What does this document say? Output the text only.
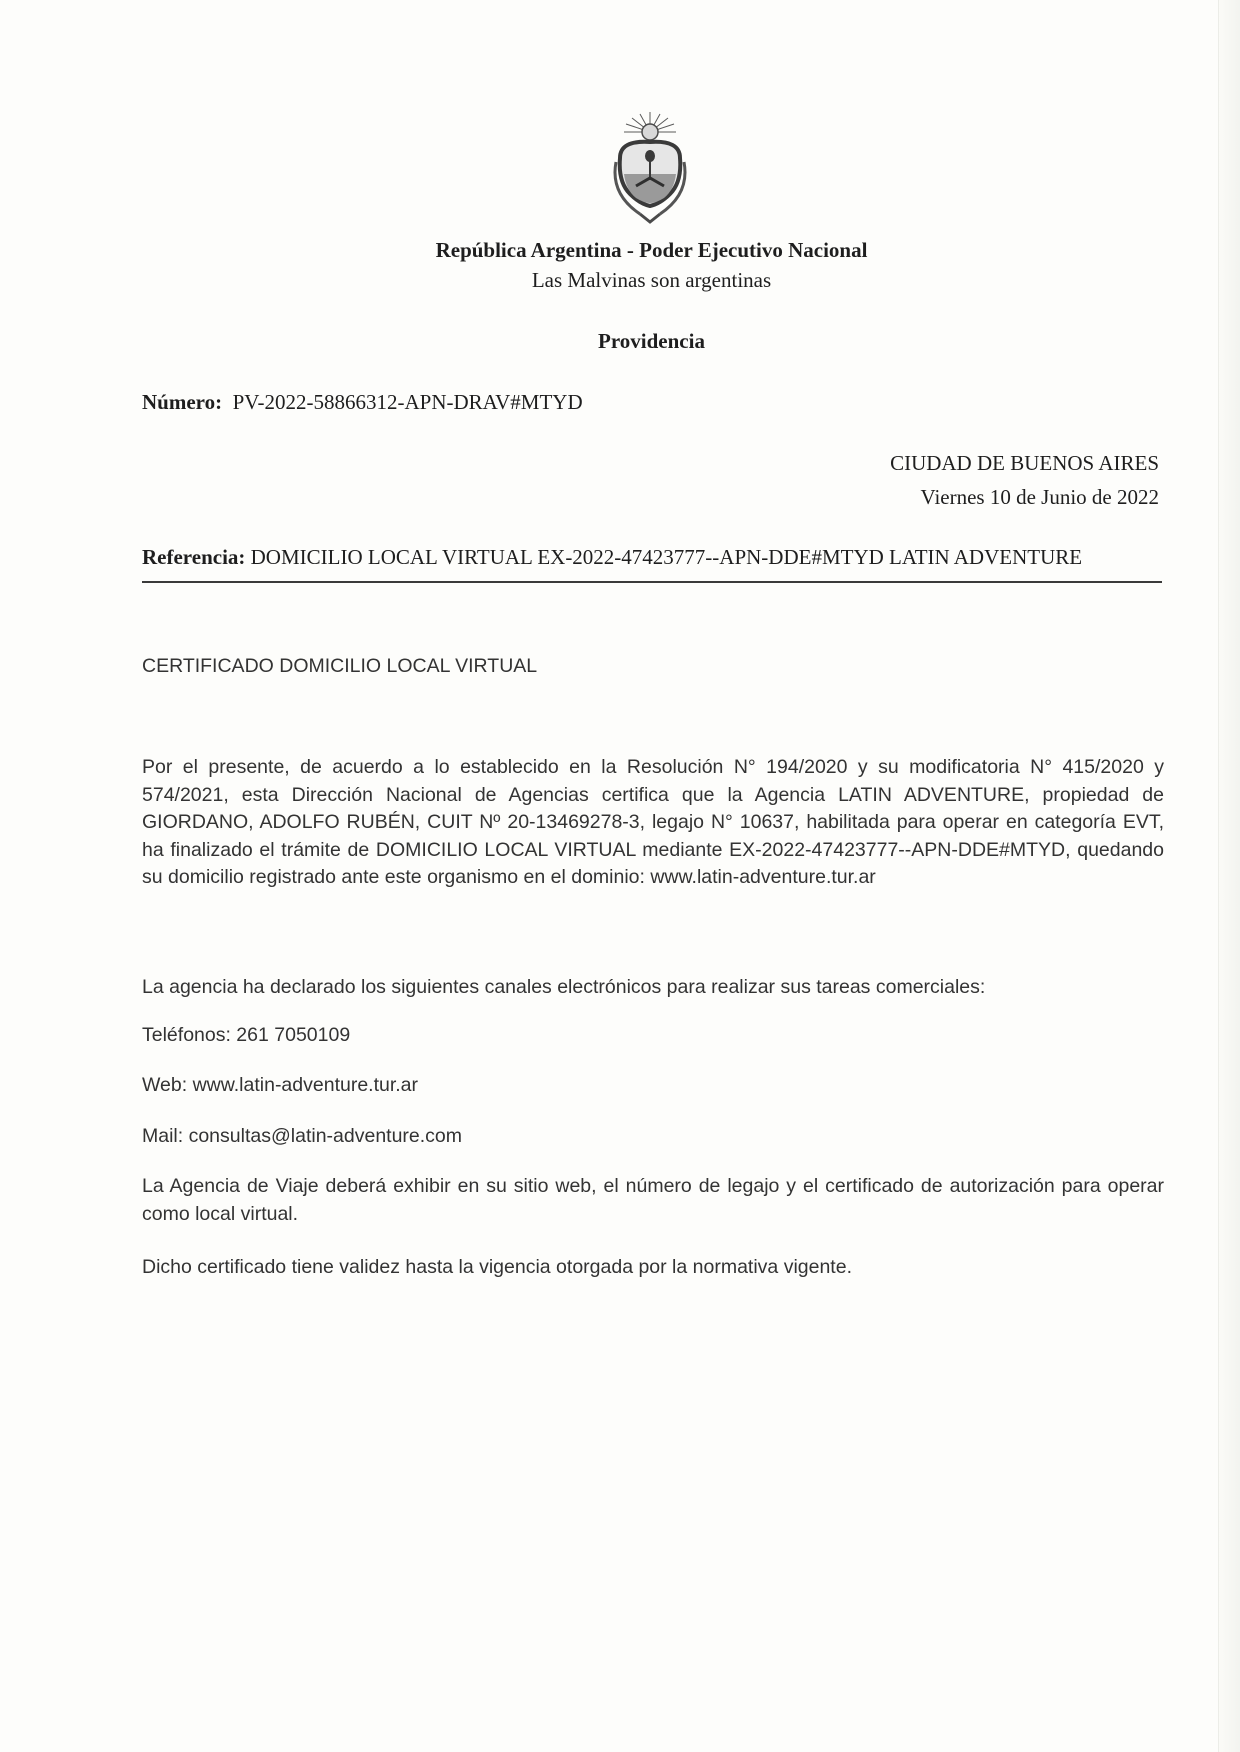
República Argentina - Poder Ejecutivo Nacional
Las Malvinas son argentinas
Providencia
Número: PV-2022-58866312-APN-DRAV#MTYD
CIUDAD DE BUENOS AIRES
Viernes 10 de Junio de 2022
Referencia: DOMICILIO LOCAL VIRTUAL EX-2022-47423777--APN-DDE#MTYD LATIN ADVENTURE
CERTIFICADO DOMICILIO LOCAL VIRTUAL
Por el presente, de acuerdo a lo establecido en la Resolución N° 194/2020 y su modificatoria N° 415/2020 y 574/2021, esta Dirección Nacional de Agencias certifica que la Agencia LATIN ADVENTURE, propiedad de GIORDANO, ADOLFO RUBÉN, CUIT Nº 20-13469278-3, legajo N° 10637, habilitada para operar en categoría EVT, ha finalizado el trámite de DOMICILIO LOCAL VIRTUAL mediante EX-2022-47423777--APN-DDE#MTYD, quedando su domicilio registrado ante este organismo en el dominio: www.latin-adventure.tur.ar
La agencia ha declarado los siguientes canales electrónicos para realizar sus tareas comerciales:
Teléfonos: 261 7050109
Web: www.latin-adventure.tur.ar
Mail: consultas@latin-adventure.com
La Agencia de Viaje deberá exhibir en su sitio web, el número de legajo y el certificado de autorización para operar como local virtual.
Dicho certificado tiene validez hasta la vigencia otorgada por la normativa vigente.
